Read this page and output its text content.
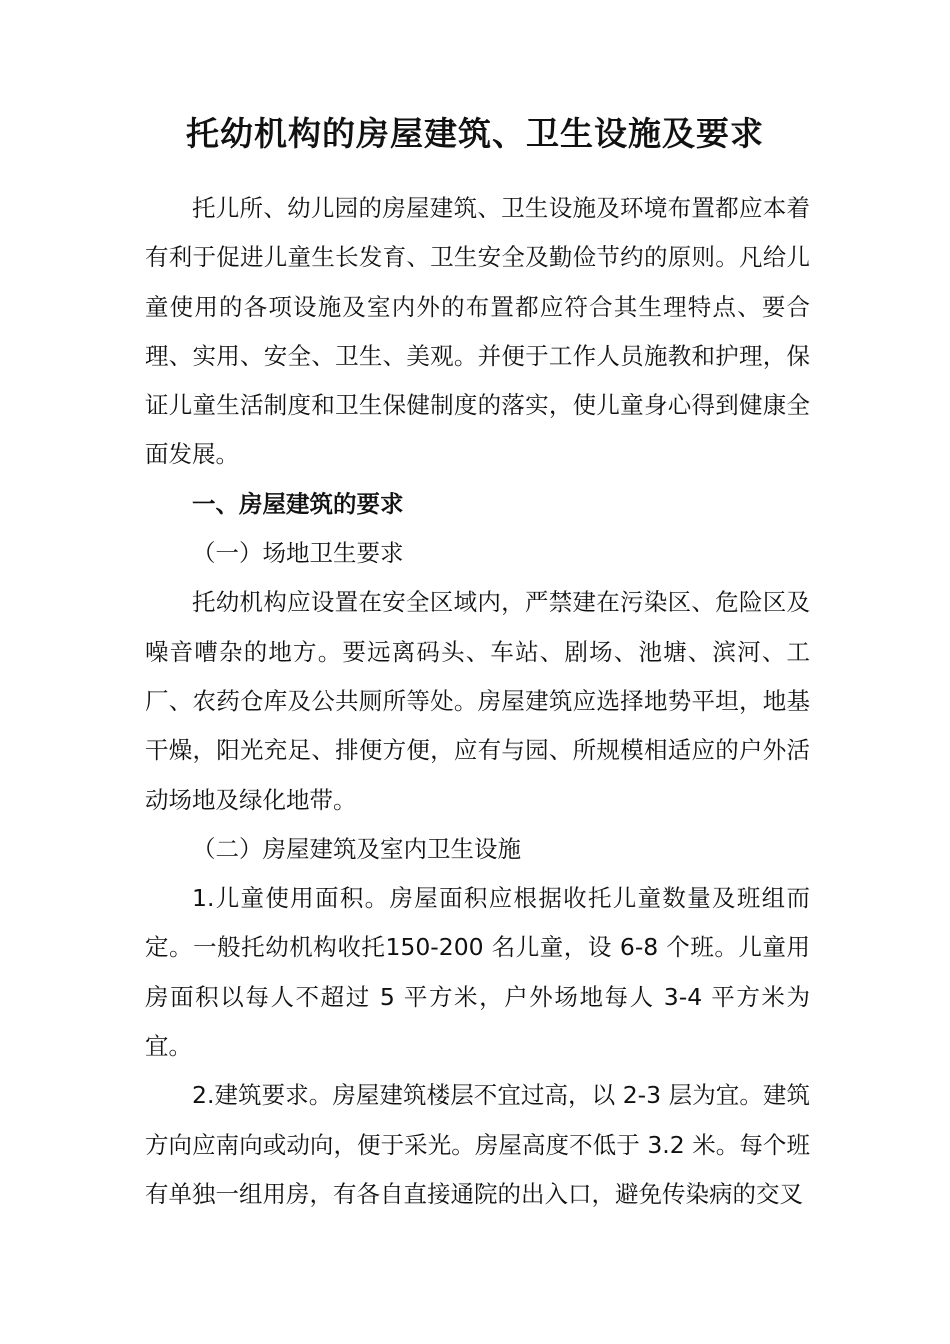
托幼机构的房屋建筑、卫生设施及要求

托儿所、幼儿园的房屋建筑、卫生设施及环境布置都应本着有利于促进儿童生长发育、卫生安全及勤俭节约的原则。凡给儿童使用的各项设施及室内外的布置都应符合其生理特点、要合理、实用、安全、卫生、美观。并便于工作人员施教和护理，保证儿童生活制度和卫生保健制度的落实，使儿童身心得到健康全面发展。

一、房屋建筑的要求

（一）场地卫生要求

托幼机构应设置在安全区域内，严禁建在污染区、危险区及噪音嘈杂的地方。要远离码头、车站、剧场、池塘、滨河、工厂、农药仓库及公共厕所等处。房屋建筑应选择地势平坦，地基干燥，阳光充足、排便方便，应有与园、所规模相适应的户外活动场地及绿化地带。

（二）房屋建筑及室内卫生设施

1.儿童使用面积。房屋面积应根据收托儿童数量及班组而定。一般托幼机构收托150-200 名儿童，设 6-8 个班。儿童用房面积以每人不超过 5 平方米，户外场地每人 3-4 平方米为宜。

2.建筑要求。房屋建筑楼层不宜过高，以 2-3 层为宜。建筑方向应南向或动向，便于采光。房屋高度不低于 3.2 米。每个班有单独一组用房，有各自直接通院的出入口，避免传染病的交叉
